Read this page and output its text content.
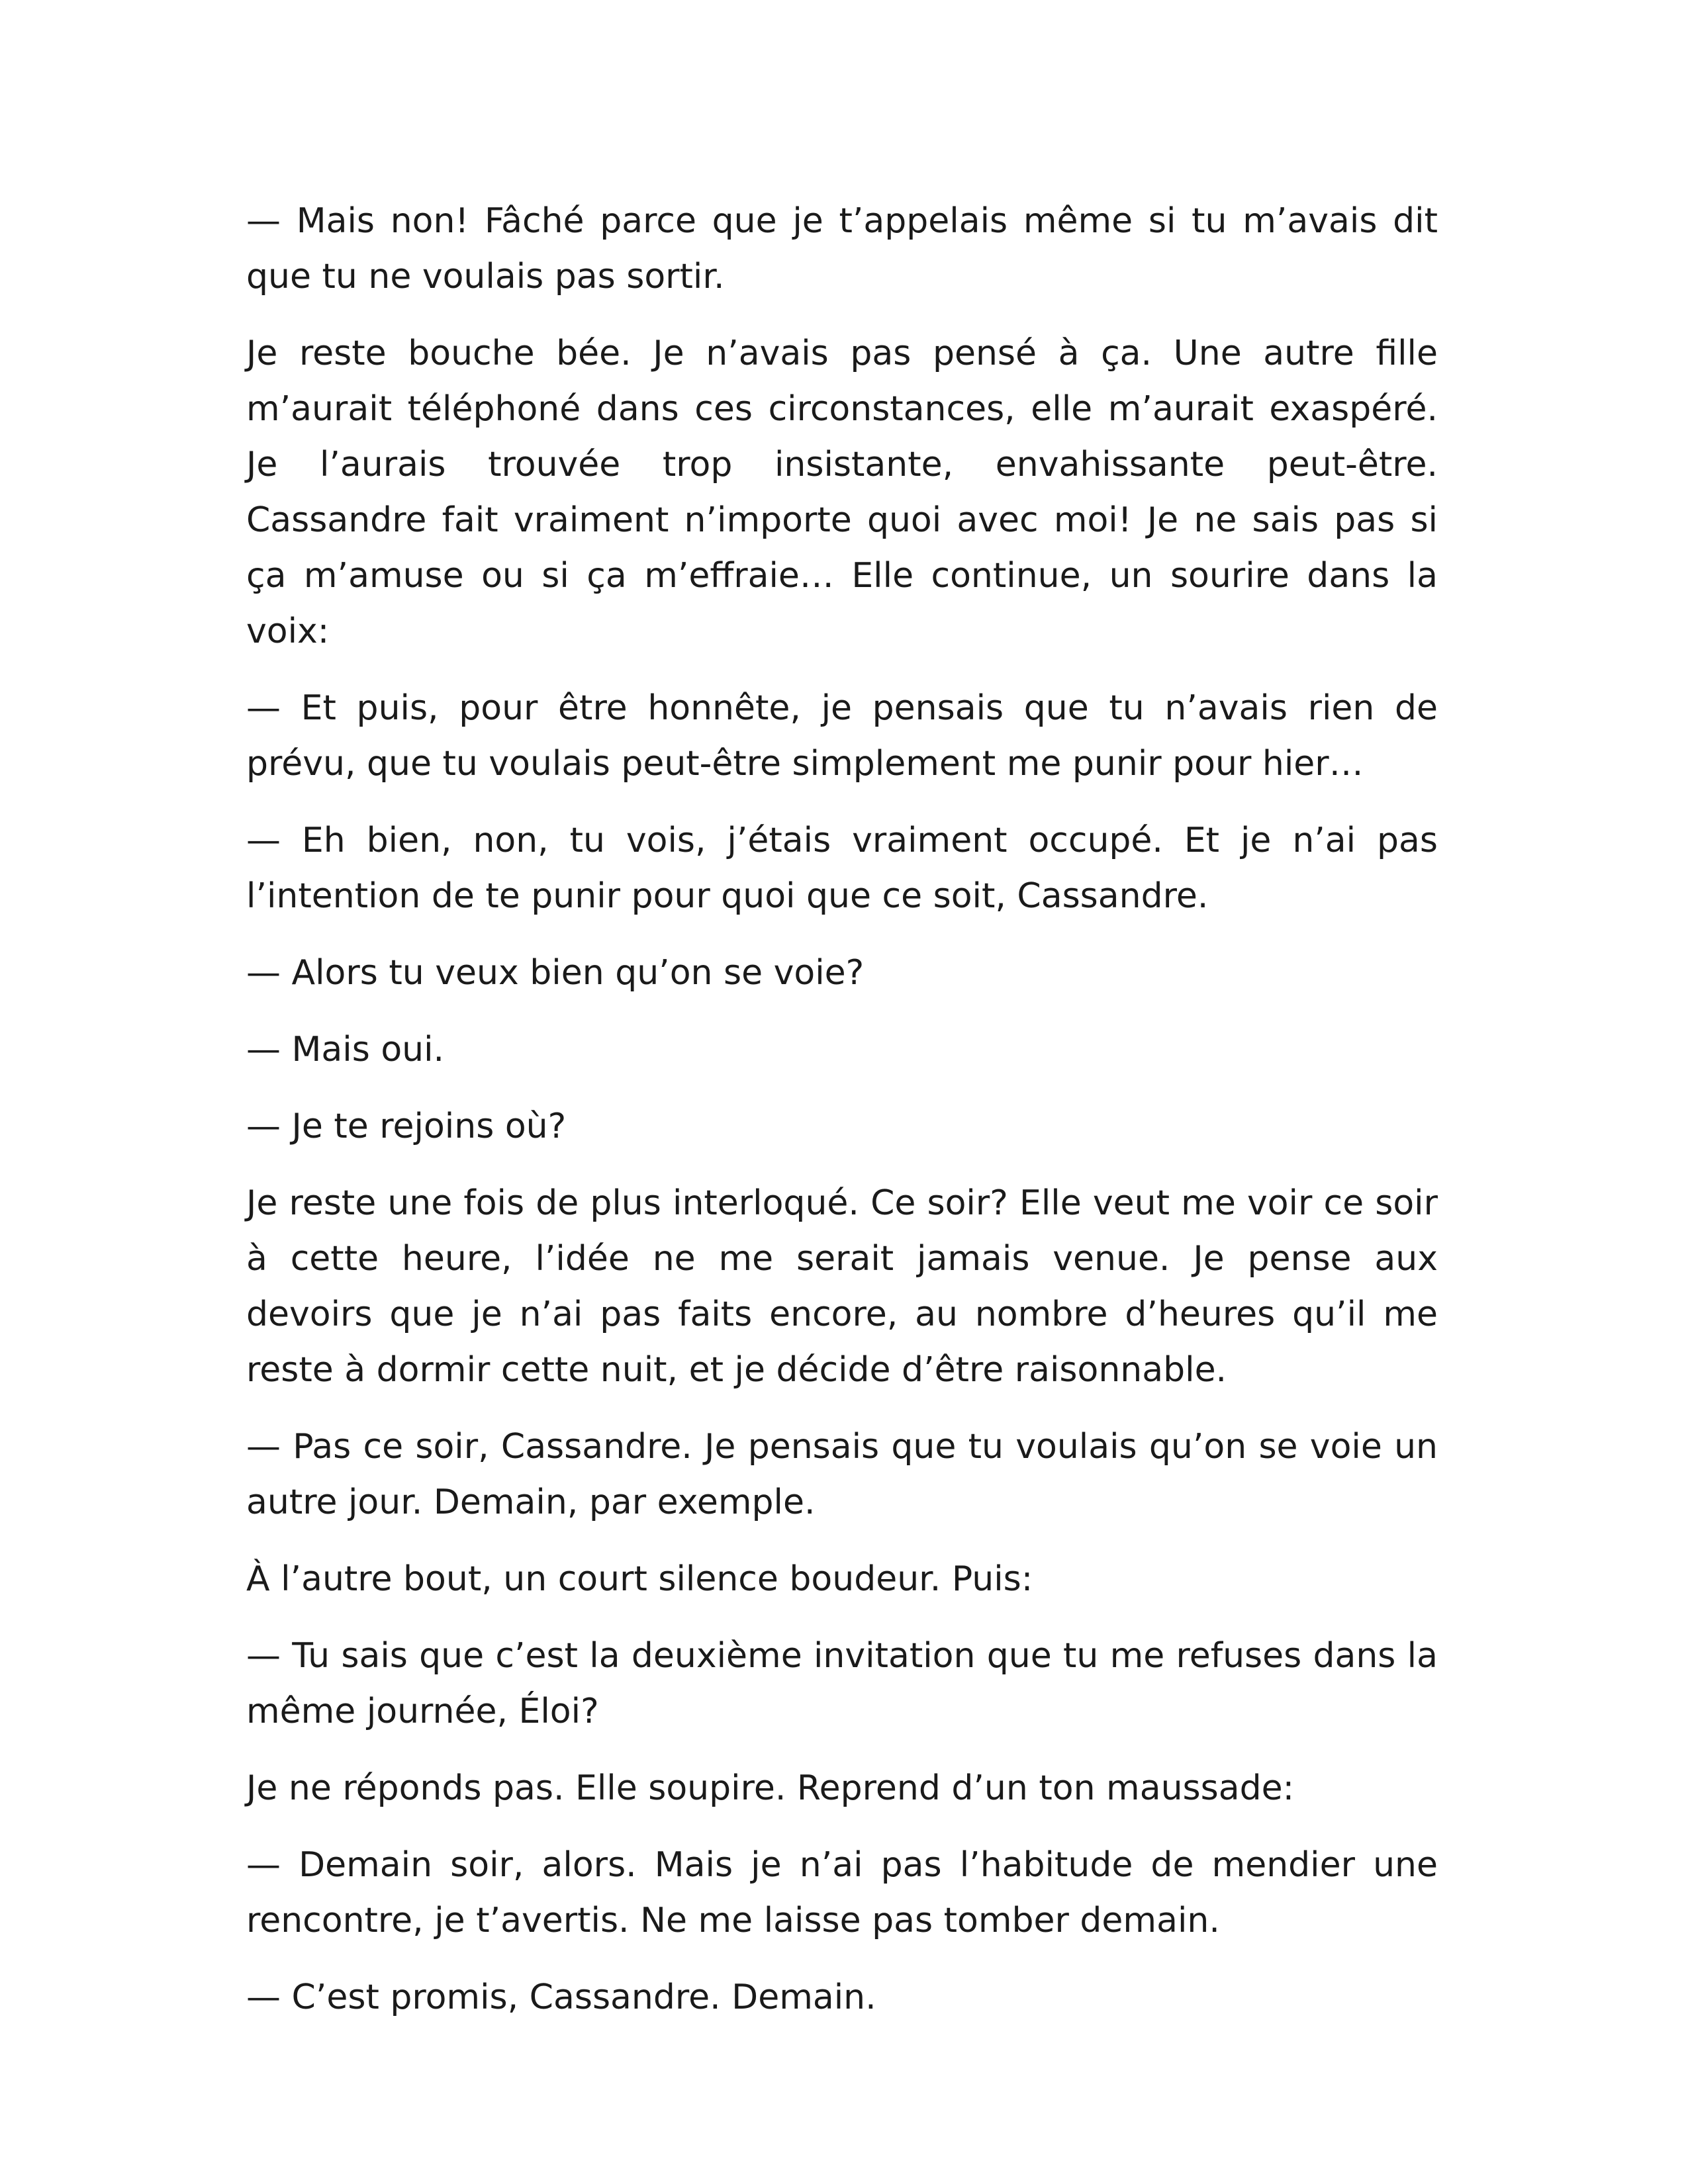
— Mais non! Fâché parce que je t’appelais même si tu m’avais dit que tu ne voulais pas sortir.

Je reste bouche bée. Je n’avais pas pensé à ça. Une autre fille m’aurait téléphoné dans ces circonstances, elle m’aurait exaspéré. Je l’aurais trouvée trop insistante, envahissante peut-être. Cassandre fait vraiment n’importe quoi avec moi! Je ne sais pas si ça m’amuse ou si ça m’effraie… Elle continue, un sourire dans la voix:

— Et puis, pour être honnête, je pensais que tu n’avais rien de prévu, que tu voulais peut-être simplement me punir pour hier…

— Eh bien, non, tu vois, j’étais vraiment occupé. Et je n’ai pas l’intention de te punir pour quoi que ce soit, Cassandre.

— Alors tu veux bien qu’on se voie?

— Mais oui.

— Je te rejoins où?

Je reste une fois de plus interloqué. Ce soir? Elle veut me voir ce soir à cette heure, l’idée ne me serait jamais venue. Je pense aux devoirs que je n’ai pas faits encore, au nombre d’heures qu’il me reste à dormir cette nuit, et je décide d’être raisonnable.

— Pas ce soir, Cassandre. Je pensais que tu voulais qu’on se voie un autre jour. Demain, par exemple.

À l’autre bout, un court silence boudeur. Puis:

— Tu sais que c’est la deuxième invitation que tu me refuses dans la même journée, Éloi?

Je ne réponds pas. Elle soupire. Reprend d’un ton maussade:

— Demain soir, alors. Mais je n’ai pas l’habitude de mendier une rencontre, je t’avertis. Ne me laisse pas tomber demain.

— C’est promis, Cassandre. Demain.
